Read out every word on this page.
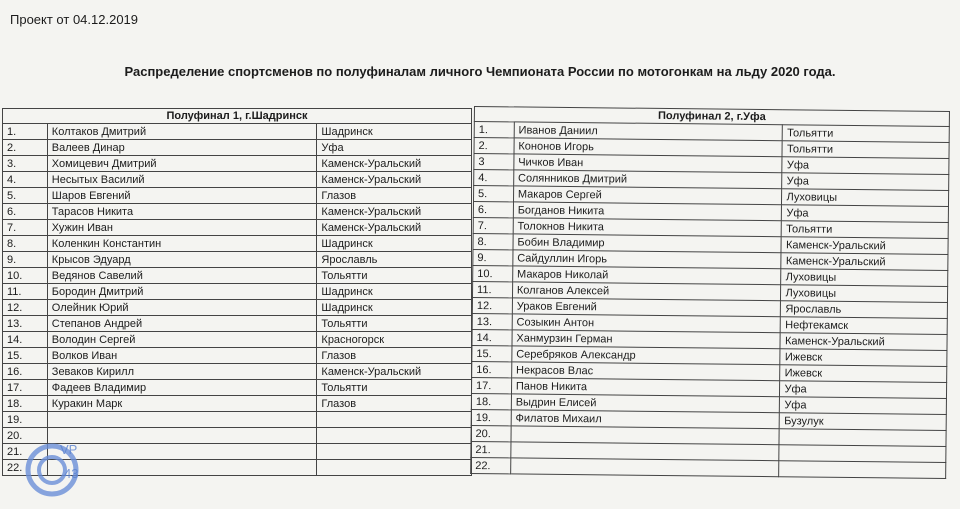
Проект от 04.12.2019
Распределение спортсменов по полуфиналам личного Чемпионата России по мотогонкам на льду 2020 года.
Полуфинал 1, г.Шадринск		
1.	Колтаков Дмитрий	Шадринск
2.	Валеев Динар	Уфа
3.	Хомицевич Дмитрий	Каменск-Уральский
4.	Несытых Василий	Каменск-Уральский
5.	Шаров Евгений	Глазов
6.	Тарасов Никита	Каменск-Уральский
7.	Хужин Иван	Каменск-Уральский
8.	Коленкин Константин	Шадринск
9.	Крысов Эдуард	Ярославль
10.	Ведянов Савелий	Тольятти
11.	Бородин Дмитрий	Шадринск
12.	Олейник Юрий	Шадринск
13.	Степанов Андрей	Тольятти
14.	Володин Сергей	Красногорск
15.	Волков Иван	Глазов
16.	Зеваков Кирилл	Каменск-Уральский
17.	Фадеев Владимир	Тольятти
18.	Куракин Марк	Глазов
19.		
20.		
21.		
22.		
Полуфинал 2, г.Уфа		
1.	Иванов Даниил	Тольятти
2.	Кононов Игорь	Тольятти
3	Чичков Иван	Уфа
4.	Солянников Дмитрий	Уфа
5.	Макаров Сергей	Луховицы
6.	Богданов Никита	Уфа
7.	Толокнов Никита	Тольятти
8.	Бобин Владимир	Каменск-Уральский
9.	Сайдуллин Игорь	Каменск-Уральский
10.	Макаров Николай	Луховицы
11.	Колганов Алексей	Луховицы
12.	Ураков Евгений	Ярославль
13.	Созыкин Антон	Нефтекамск
14.	Ханмурзин Герман	Каменск-Уральский
15.	Серебряков Александр	Ижевск
16.	Некрасов Влас	Ижевск
17.	Панов Никита	Уфа
18.	Выдрин Елисей	Уфа
19.	Филатов Михаил	Бузулук
20.		
21.		
22.		
VP
43
